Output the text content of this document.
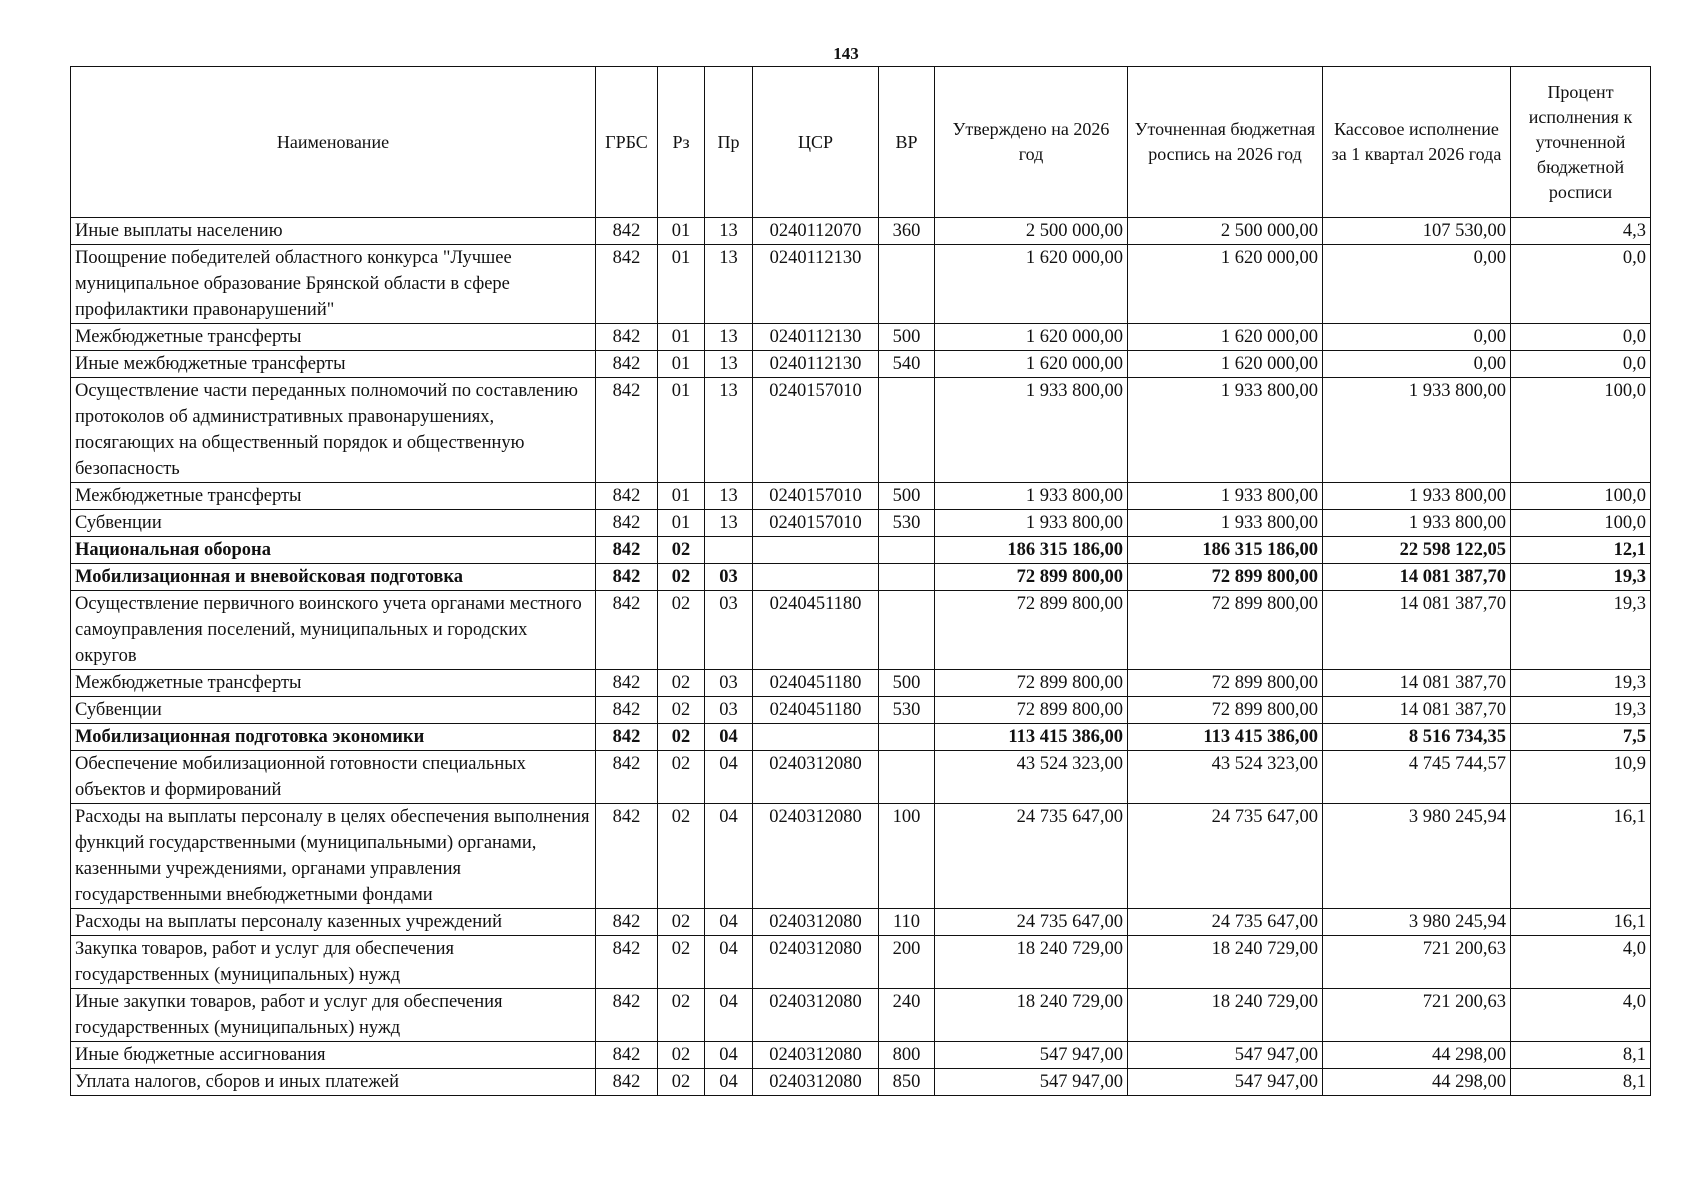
143
Наименование	ГРБС	Рз	Пр	ЦСР	ВР	Утверждено на 2026 год	Уточненная бюджетная роспись на 2026 год	Кассовое исполнение за 1 квартал 2026 года	Процент исполнения к уточненной бюджетной росписи
Иные выплаты населению	842	01	13	0240112070	360	2 500 000,00	2 500 000,00	107 530,00	4,3
Поощрение победителей областного конкурса "Лучшее муниципальное образование Брянской области в сфере профилактики правонарушений"	842	01	13	0240112130		1 620 000,00	1 620 000,00	0,00	0,0
Межбюджетные трансферты	842	01	13	0240112130	500	1 620 000,00	1 620 000,00	0,00	0,0
Иные межбюджетные трансферты	842	01	13	0240112130	540	1 620 000,00	1 620 000,00	0,00	0,0
Осуществление части переданных полномочий по составлению протоколов об административных правонарушениях, посягающих на общественный порядок и общественную безопасность	842	01	13	0240157010		1 933 800,00	1 933 800,00	1 933 800,00	100,0
Межбюджетные трансферты	842	01	13	0240157010	500	1 933 800,00	1 933 800,00	1 933 800,00	100,0
Субвенции	842	01	13	0240157010	530	1 933 800,00	1 933 800,00	1 933 800,00	100,0
Национальная оборона	842	02				186 315 186,00	186 315 186,00	22 598 122,05	12,1
Мобилизационная и вневойсковая подготовка	842	02	03			72 899 800,00	72 899 800,00	14 081 387,70	19,3
Осуществление первичного воинского учета органами местного самоуправления поселений, муниципальных и городских округов	842	02	03	0240451180		72 899 800,00	72 899 800,00	14 081 387,70	19,3
Межбюджетные трансферты	842	02	03	0240451180	500	72 899 800,00	72 899 800,00	14 081 387,70	19,3
Субвенции	842	02	03	0240451180	530	72 899 800,00	72 899 800,00	14 081 387,70	19,3
Мобилизационная подготовка экономики	842	02	04			113 415 386,00	113 415 386,00	8 516 734,35	7,5
Обеспечение мобилизационной готовности специальных объектов и формирований	842	02	04	0240312080		43 524 323,00	43 524 323,00	4 745 744,57	10,9
Расходы на выплаты персоналу в целях обеспечения выполнения функций государственными (муниципальными) органами, казенными учреждениями, органами управления государственными внебюджетными фондами	842	02	04	0240312080	100	24 735 647,00	24 735 647,00	3 980 245,94	16,1
Расходы на выплаты персоналу казенных учреждений	842	02	04	0240312080	110	24 735 647,00	24 735 647,00	3 980 245,94	16,1
Закупка товаров, работ и услуг для обеспечения государственных (муниципальных) нужд	842	02	04	0240312080	200	18 240 729,00	18 240 729,00	721 200,63	4,0
Иные закупки товаров, работ и услуг для обеспечения государственных (муниципальных) нужд	842	02	04	0240312080	240	18 240 729,00	18 240 729,00	721 200,63	4,0
Иные бюджетные ассигнования	842	02	04	0240312080	800	547 947,00	547 947,00	44 298,00	8,1
Уплата налогов, сборов и иных платежей	842	02	04	0240312080	850	547 947,00	547 947,00	44 298,00	8,1
